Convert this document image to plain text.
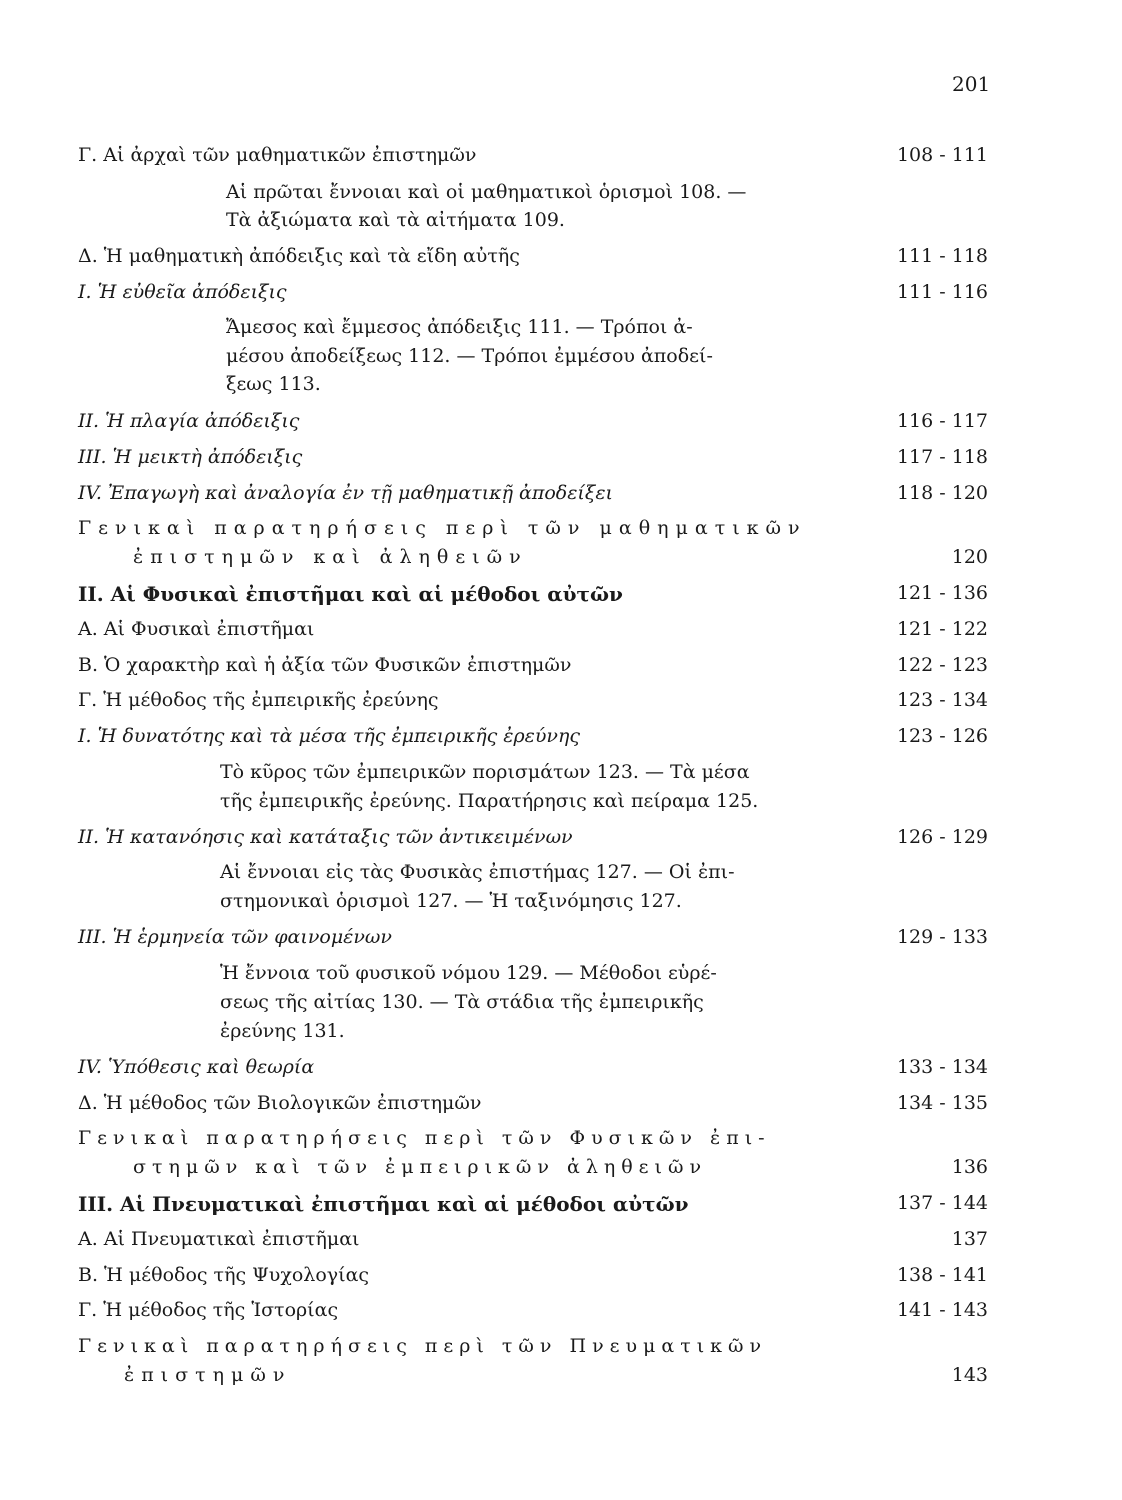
201
Γ. Αἱ ἀρχαὶ τῶν μαθηματικῶν ἐπιστημῶν	108 - 111
Αἱ πρῶται ἔννοιαι καὶ οἱ μαθηματικοὶ ὁρισμοὶ 108. —
Τὰ ἀξιώματα καὶ τὰ αἰτήματα 109.
Δ. Ἡ μαθηματικὴ ἀπόδειξις καὶ τὰ εἴδη αὐτῆς	111 - 118
I. Ἡ εὐθεῖα ἀπόδειξις	111 - 116
Ἄμεσος καὶ ἔμμεσος ἀπόδειξις 111. — Τρόποι ἀ-
μέσου ἀποδείξεως 112. — Τρόποι ἐμμέσου ἀποδεί-
ξεως 113.
II. Ἡ πλαγία ἀπόδειξις	116 - 117
III. Ἡ μεικτὴ ἀπόδειξις	117 - 118
IV. Ἐπαγωγὴ καὶ ἀναλογία ἐν τῇ μαθηματικῇ ἀποδείξει	118 - 120
Γενικαὶ παρατηρήσεις περὶ τῶν μαθηματικῶν
ἐπιστημῶν καὶ ἀληθειῶν	120
II. Αἱ Φυσικαὶ ἐπιστῆμαι καὶ αἱ μέθοδοι αὐτῶν	121 - 136
Α. Αἱ Φυσικαὶ ἐπιστῆμαι	121 - 122
Β. Ὁ χαρακτὴρ καὶ ἡ ἀξία τῶν Φυσικῶν ἐπιστημῶν	122 - 123
Γ. Ἡ μέθοδος τῆς ἐμπειρικῆς ἐρεύνης	123 - 134
I. Ἡ δυνατότης καὶ τὰ μέσα τῆς ἐμπειρικῆς ἐρεύνης	123 - 126
Τὸ κῦρος τῶν ἐμπειρικῶν πορισμάτων 123. — Τὰ μέσα
τῆς ἐμπειρικῆς ἐρεύνης. Παρατήρησις καὶ πείραμα 125.
II. Ἡ κατανόησις καὶ κατάταξις τῶν ἀντικειμένων	126 - 129
Αἱ ἔννοιαι εἰς τὰς Φυσικὰς ἐπιστήμας 127. — Οἱ ἐπι-
στημονικαὶ ὁρισμοὶ 127. — Ἡ ταξινόμησις 127.
III. Ἡ ἑρμηνεία τῶν φαινομένων	129 - 133
Ἡ ἔννοια τοῦ φυσικοῦ νόμου 129. — Μέθοδοι εὑρέ-
σεως τῆς αἰτίας 130. — Τὰ στάδια τῆς ἐμπειρικῆς
ἐρεύνης 131.
IV. Ὑπόθεσις καὶ θεωρία	133 - 134
Δ. Ἡ μέθοδος τῶν Βιολογικῶν ἐπιστημῶν	134 - 135
Γενικαὶ παρατηρήσεις περὶ τῶν Φυσικῶν ἐπι-
στημῶν καὶ τῶν ἐμπειρικῶν ἀληθειῶν	136
III. Αἱ Πνευματικαὶ ἐπιστῆμαι καὶ αἱ μέθοδοι αὐτῶν	137 - 144
Α. Αἱ Πνευματικαὶ ἐπιστῆμαι	137
Β. Ἡ μέθοδος τῆς Ψυχολογίας	138 - 141
Γ. Ἡ μέθοδος τῆς Ἱστορίας	141 - 143
Γενικαὶ παρατηρήσεις περὶ τῶν Πνευματικῶν
ἐπιστημῶν	143
